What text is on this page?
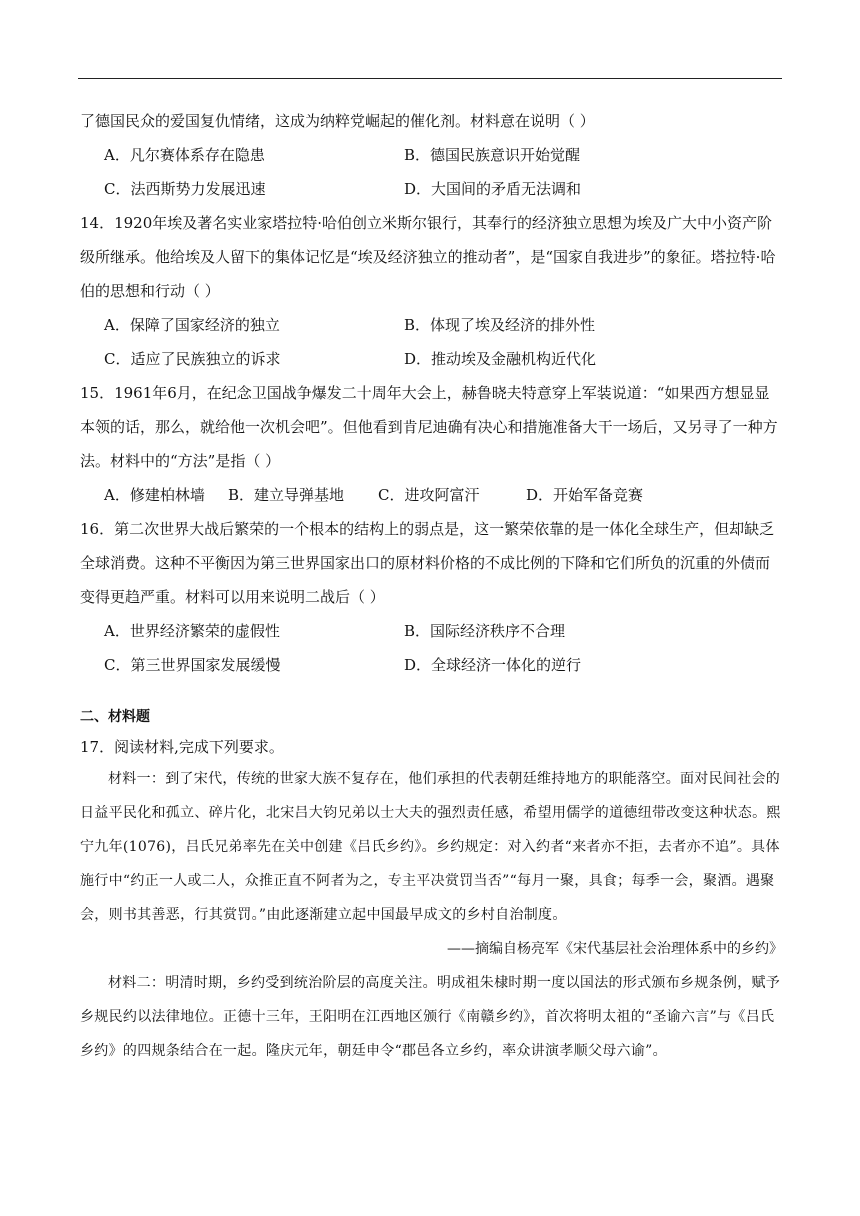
了德国民众的爱国复仇情绪，这成为纳粹党崛起的催化剂。材料意在说明（ ）

A．凡尔赛体系存在隐患	B．德国民族意识开始觉醒
C．法西斯势力发展迅速	D．大国间的矛盾无法调和

14．1920年埃及著名实业家塔拉特·哈伯创立米斯尔银行，其奉行的经济独立思想为埃及广大中小资产阶级所继承。他给埃及人留下的集体记忆是“埃及经济独立的推动者”，是“国家自我进步”的象征。塔拉特·哈伯的思想和行动（ ）

A．保障了国家经济的独立	B．体现了埃及经济的排外性
C．适应了民族独立的诉求	D．推动埃及金融机构近代化

15．1961年6月，在纪念卫国战争爆发二十周年大会上，赫鲁晓夫特意穿上军装说道：“如果西方想显显本领的话，那么，就给他一次机会吧”。但他看到肯尼迪确有决心和措施准备大干一场后，又另寻了一种方法。材料中的“方法”是指（ ）

A．修建柏林墙	B．建立导弹基地	C．进攻阿富汗	D．开始军备竞赛

16．第二次世界大战后繁荣的一个根本的结构上的弱点是，这一繁荣依靠的是一体化全球生产，但却缺乏全球消费。这种不平衡因为第三世界国家出口的原材料价格的不成比例的下降和它们所负的沉重的外债而变得更趋严重。材料可以用来说明二战后（ ）

A．世界经济繁荣的虚假性	B．国际经济秩序不合理
C．第三世界国家发展缓慢	D．全球经济一体化的逆行
二、材料题

17．阅读材料,完成下列要求。

材料一：到了宋代，传统的世家大族不复存在，他们承担的代表朝廷维持地方的职能落空。面对民间社会的日益平民化和孤立、碎片化，北宋吕大钧兄弟以士大夫的强烈责任感，希望用儒学的道德纽带改变这种状态。熙宁九年(1076)，吕氏兄弟率先在关中创建《吕氏乡约》。乡约规定：对入约者“来者亦不拒，去者亦不追”。具体施行中“约正一人或二人，众推正直不阿者为之，专主平决赏罚当否”“每月一聚，具食；每季一会，聚酒。遇聚会，则书其善恶，行其赏罚。”由此逐渐建立起中国最早成文的乡村自治制度。

——摘编自杨亮军《宋代基层社会治理体系中的乡约》

材料二：明清时期，乡约受到统治阶层的高度关注。明成祖朱棣时期一度以国法的形式颁布乡规条例，赋予乡规民约以法律地位。正德十三年，王阳明在江西地区颁行《南赣乡约》，首次将明太祖的“圣谕六言”与《吕氏乡约》的四规条结合在一起。隆庆元年，朝廷申令“郡邑各立乡约，率众讲演孝顺父母六谕”。
